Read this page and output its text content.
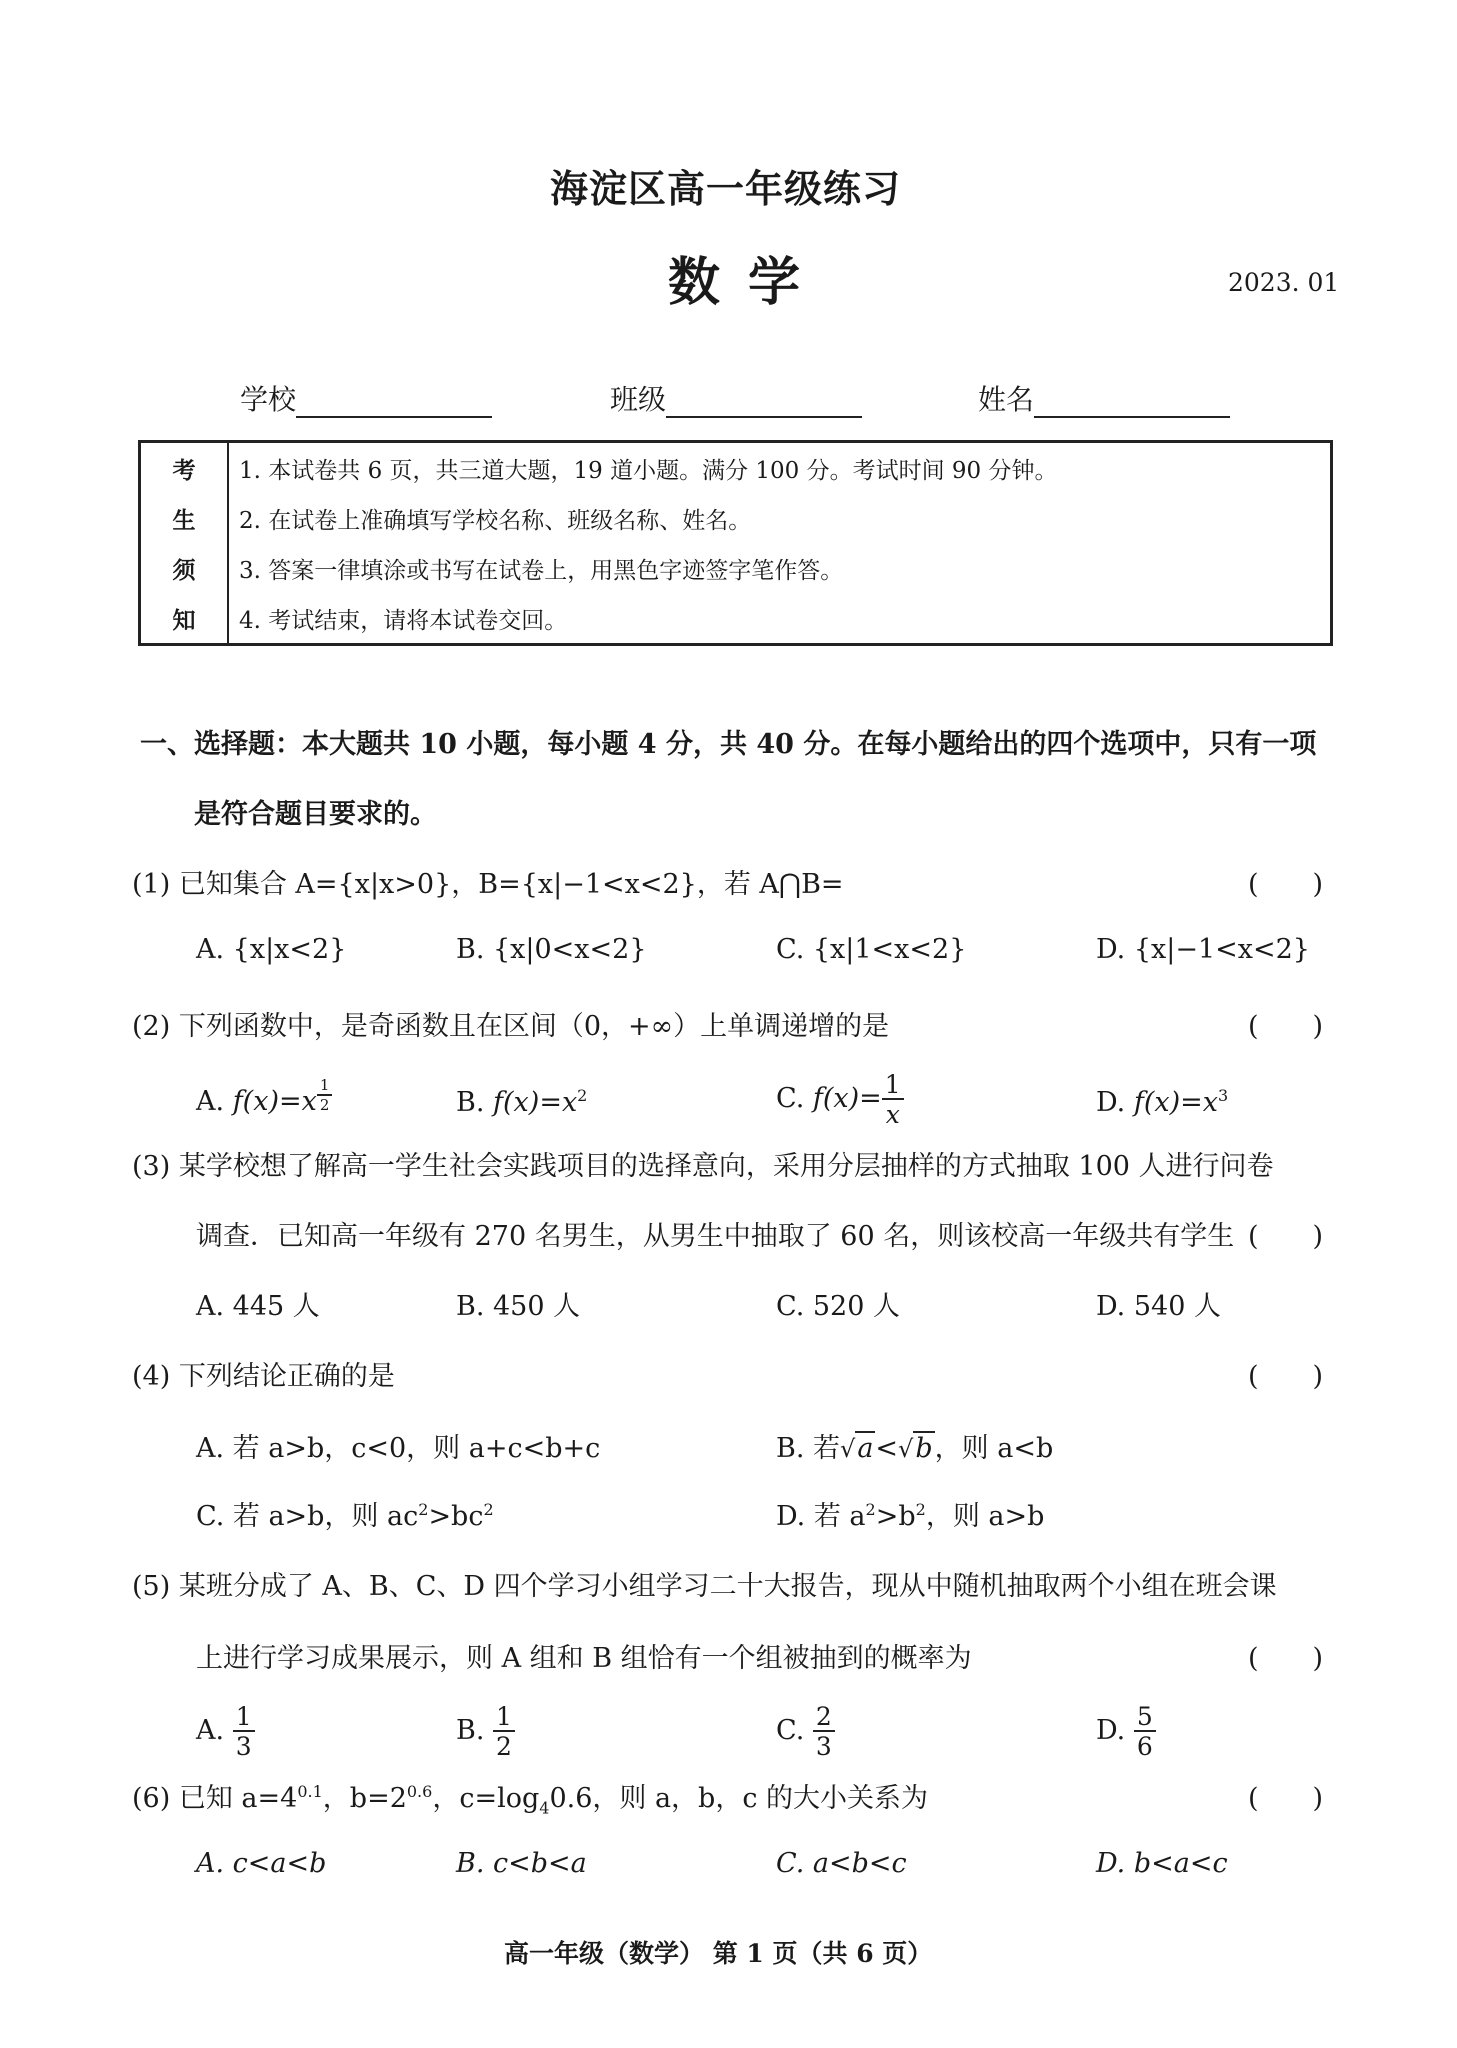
海淀区高一年级练习
数学	2023. 01
学校	班级	姓名
考	1. 本试卷共 6 页，共三道大题，19 道小题。满分 100 分。考试时间 90 分钟。
生	2. 在试卷上准确填写学校名称、班级名称、姓名。
须	3. 答案一律填涂或书写在试卷上，用黑色字迹签字笔作答。
知	4. 考试结束，请将本试卷交回。
一、选择题：本大题共 10 小题，每小题 4 分，共 40 分。在每小题给出的四个选项中，只有一项
是符合题目要求的。
(1) 已知集合 A={x|x>0}，B={x|−1<x<2}，若 A⋂B=	(　　)
A. {x|x<2}	B. {x|0<x<2}	C. {x|1<x<2}	D. {x|−1<x<2}
(2) 下列函数中，是奇函数且在区间（0，+∞）上单调递增的是	(　　)
A. f(x)=x $^{\frac{1}{2}}$	B. $f(x)=x^2$	C. $f(x)= \frac{1}{x}$	D. $f(x)=x^3$
(3) 某学校想了解高一学生社会实践项目的选择意向，采用分层抽样的方式抽取 100 人进行问卷
调查．已知高一年级有 270 名男生，从男生中抽取了 60 名，则该校高一年级共有学生 (　　)
A. 445 人	B. 450 人	C. 520 人	D. 540 人
(4) 下列结论正确的是	(　　)
A. 若 a>b，c<0，则 a+c<b+c	B. 若√a<√b，则 a<b
C. 若 a>b，则 $ac^2>bc^2$	D. 若 $a^2>b^2$，则 a>b
(5) 某班分成了 A、B、C、D 四个学习小组学习二十大报告，现从中随机抽取两个小组在班会课
上进行学习成果展示，则 A 组和 B 组恰有一个组被抽到的概率为	(　　)
A. $\frac{1}{3}$	B. $\frac{1}{2}$	C. $\frac{2}{3}$	D. $\frac{5}{6}$
(6) 已知 $a=4^{0.1}$，$b=2^{0.6}$，$c=\log_40.6$，则 a，b，c 的大小关系为	(　　)
A. c<a<b	B. c<b<a	C. a<b<c	D. b<a<c
高一年级（数学） 第 1 页（共 6 页）
